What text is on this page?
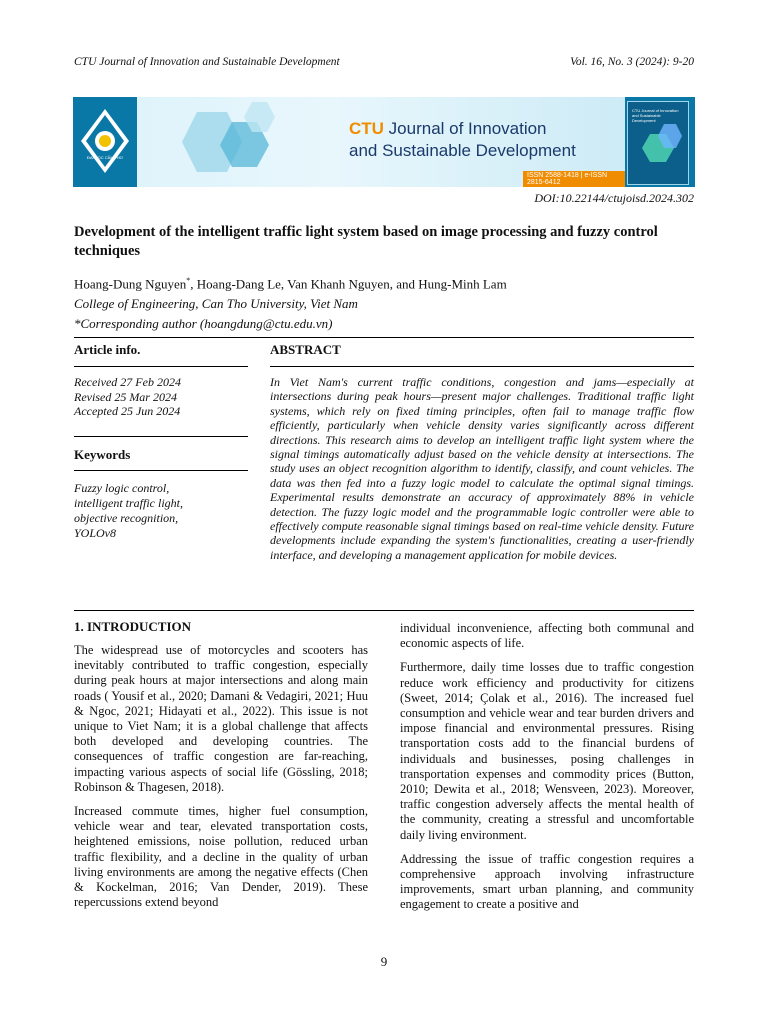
CTU Journal of Innovation and Sustainable Development	Vol. 16, No. 3 (2024): 9-20
ĐẠI HỌC CẦN THƠ
CTU Journal of Innovation
and Sustainable Development
ISSN 2588-1418 | e-ISSN 2815-6412
CTU Journal of Innovation and Sustainable Development
DOI:10.22144/ctujoisd.2024.302
Development of the intelligent traffic light system based on image processing and fuzzy control techniques
Hoang-Dung Nguyen*, Hoang-Dang Le, Van Khanh Nguyen, and Hung-Minh Lam
College of Engineering, Can Tho University, Viet Nam
*Corresponding author (hoangdung@ctu.edu.vn)
Article info.	ABSTRACT
Received 27 Feb 2024
Revised 25 Mar 2024
Accepted 25 Jun 2024
Keywords
Fuzzy logic control,
intelligent traffic light,
objective recognition,
YOLOv8
In Viet Nam's current traffic conditions, congestion and jams—especially at intersections during peak hours—present major challenges. Traditional traffic light systems, which rely on fixed timing principles, often fail to manage traffic flow efficiently, particularly when vehicle density varies significantly across different directions. This research aims to develop an intelligent traffic light system where the signal timings automatically adjust based on the vehicle density at intersections. The study uses an object recognition algorithm to identify, classify, and count vehicles. The data was then fed into a fuzzy logic model to calculate the optimal signal timings. Experimental results demonstrate an accuracy of approximately 88% in vehicle detection. The fuzzy logic model and the programmable logic controller were able to effectively compute reasonable signal timings based on real-time vehicle density. Future developments include expanding the system's functionalities, creating a user-friendly interface, and developing a management application for mobile devices.
1. INTRODUCTION

The widespread use of motorcycles and scooters has inevitably contributed to traffic congestion, especially during peak hours at major intersections and along main roads ( Yousif et al., 2020; Damani & Vedagiri, 2021; Huu & Ngoc, 2021; Hidayati et al., 2022). This issue is not unique to Viet Nam; it is a global challenge that affects both developed and developing countries. The consequences of traffic congestion are far-reaching, impacting various aspects of social life (Gössling, 2018; Robinson & Thagesen, 2018).

Increased commute times, higher fuel consumption, vehicle wear and tear, elevated transportation costs, heightened emissions, noise pollution, reduced urban traffic flexibility, and a decline in the quality of urban living environments are among the negative effects (Chen & Kockelman, 2016; Van Dender, 2019). These repercussions extend beyond

individual inconvenience, affecting both communal and economic aspects of life.

Furthermore, daily time losses due to traffic congestion reduce work efficiency and productivity for citizens (Sweet, 2014; Çolak et al., 2016). The increased fuel consumption and vehicle wear and tear burden drivers and impose financial and environmental pressures. Rising transportation costs add to the financial burdens of individuals and businesses, posing challenges in transportation expenses and commodity prices (Button, 2010; Dewita et al., 2018; Wensveen, 2023). Moreover, traffic congestion adversely affects the mental health of the community, creating a stressful and uncomfortable daily living environment.

Addressing the issue of traffic congestion requires a comprehensive approach involving infrastructure improvements, smart urban planning, and community engagement to create a positive and

9
